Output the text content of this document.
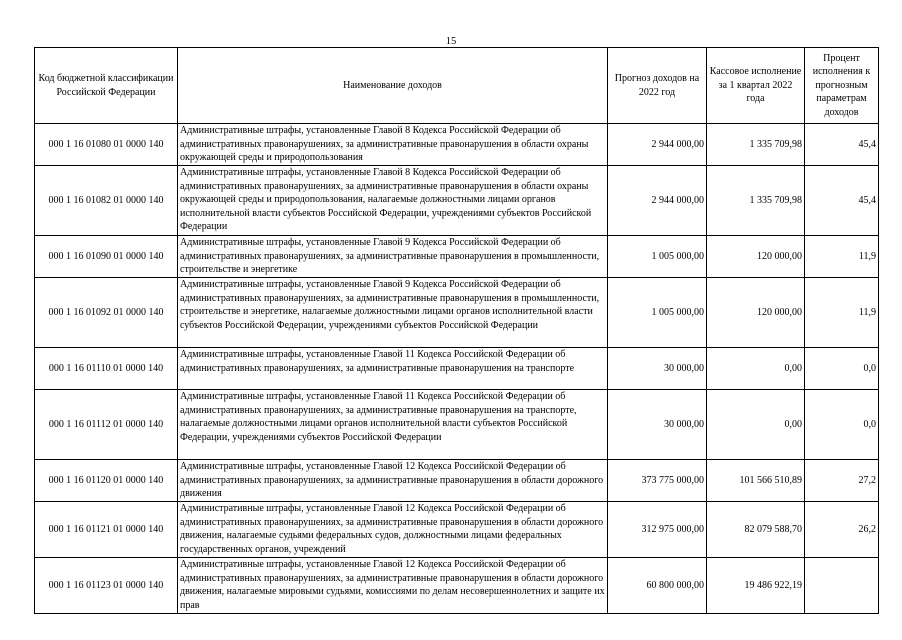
15
Код бюджетной классификации Российской Федерации	Наименование доходов	Прогноз доходов на 2022 год	Кассовое исполнение за 1 квартал 2022 года	Процент исполнения к прогнозным параметрам доходов
000 1 16 01080 01 0000 140	Административные штрафы, установленные Главой 8 Кодекса Российской Федерации об административных правонарушениях, за административные правонарушения в области охраны окружающей среды и природопользования	2 944 000,00	1 335 709,98	45,4
000 1 16 01082 01 0000 140	Административные штрафы, установленные Главой 8 Кодекса Российской Федерации об административных правонарушениях, за административные правонарушения в области охраны окружающей среды и природопользования, налагаемые должностными лицами органов исполнительной власти субъектов Российской Федерации, учреждениями субъектов Российской Федерации	2 944 000,00	1 335 709,98	45,4
000 1 16 01090 01 0000 140	Административные штрафы, установленные Главой 9 Кодекса Российской Федерации об административных правонарушениях, за административные правонарушения в промышленности, строительстве и энергетике	1 005 000,00	120 000,00	11,9
000 1 16 01092 01 0000 140	Административные штрафы, установленные Главой 9 Кодекса Российской Федерации об административных правонарушениях, за административные правонарушения в промышленности, строительстве и энергетике, налагаемые должностными лицами органов исполнительной власти субъектов Российской Федерации, учреждениями субъектов Российской Федерации	1 005 000,00	120 000,00	11,9
000 1 16 01110 01 0000 140	Административные штрафы, установленные Главой 11 Кодекса Российской Федерации об административных правонарушениях, за административные правонарушения на транспорте	30 000,00	0,00	0,0
000 1 16 01112 01 0000 140	Административные штрафы, установленные Главой 11 Кодекса Российской Федерации об административных правонарушениях, за административные правонарушения на транспорте, налагаемые должностными лицами органов исполнительной власти субъектов Российской Федерации, учреждениями субъектов Российской Федерации	30 000,00	0,00	0,0
000 1 16 01120 01 0000 140	Административные штрафы, установленные Главой 12 Кодекса Российской Федерации об административных правонарушениях, за административные правонарушения в области дорожного движения	373 775 000,00	101 566 510,89	27,2
000 1 16 01121 01 0000 140	Административные штрафы, установленные Главой 12 Кодекса Российской Федерации об административных правонарушениях, за административные правонарушения в области дорожного движения, налагаемые судьями федеральных судов, должностными лицами федеральных государственных органов, учреждений	312 975 000,00	82 079 588,70	26,2
000 1 16 01123 01 0000 140	Административные штрафы, установленные Главой 12 Кодекса Российской Федерации об административных правонарушениях, за административные правонарушения в области дорожного движения, налагаемые мировыми судьями, комиссиями по делам несовершеннолетних и защите их прав	60 800 000,00	19 486 922,19	
